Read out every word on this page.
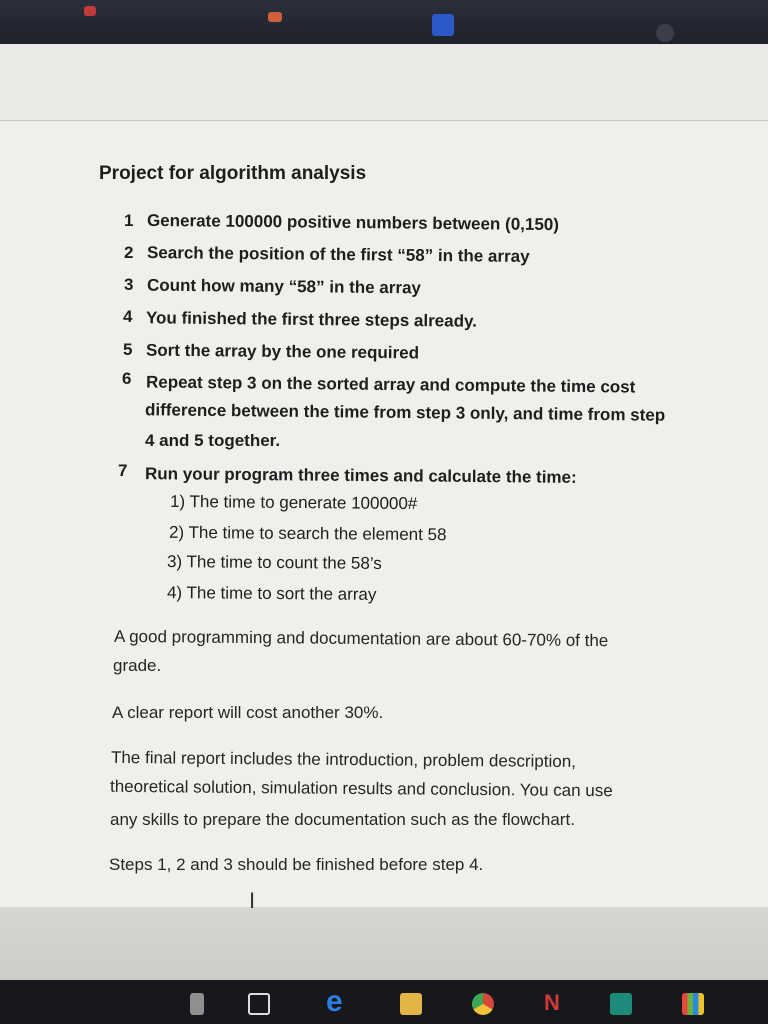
Project for algorithm analysis
1 Generate 100000 positive numbers between (0,150)
2 Search the position of the first “58” in the array
3 Count how many “58” in the array
4 You finished the first three steps already.
5 Sort the array by the one required
6 Repeat step 3 on the sorted array and compute the time cost
difference between the time from step 3 only, and time from step
4 and 5 together.
7 Run your program three times and calculate the time:
1) The time to generate 100000#
2) The time to search the element 58
3) The time to count the 58’s
4) The time to sort the array
A good programming and documentation are about 60-70% of the
grade.
A clear report will cost another 30%.
The final report includes the introduction, problem description,
theoretical solution, simulation results and conclusion. You can use
any skills to prepare the documentation such as the flowchart.
Steps 1, 2 and 3 should be finished before step 4.
I
e	N
